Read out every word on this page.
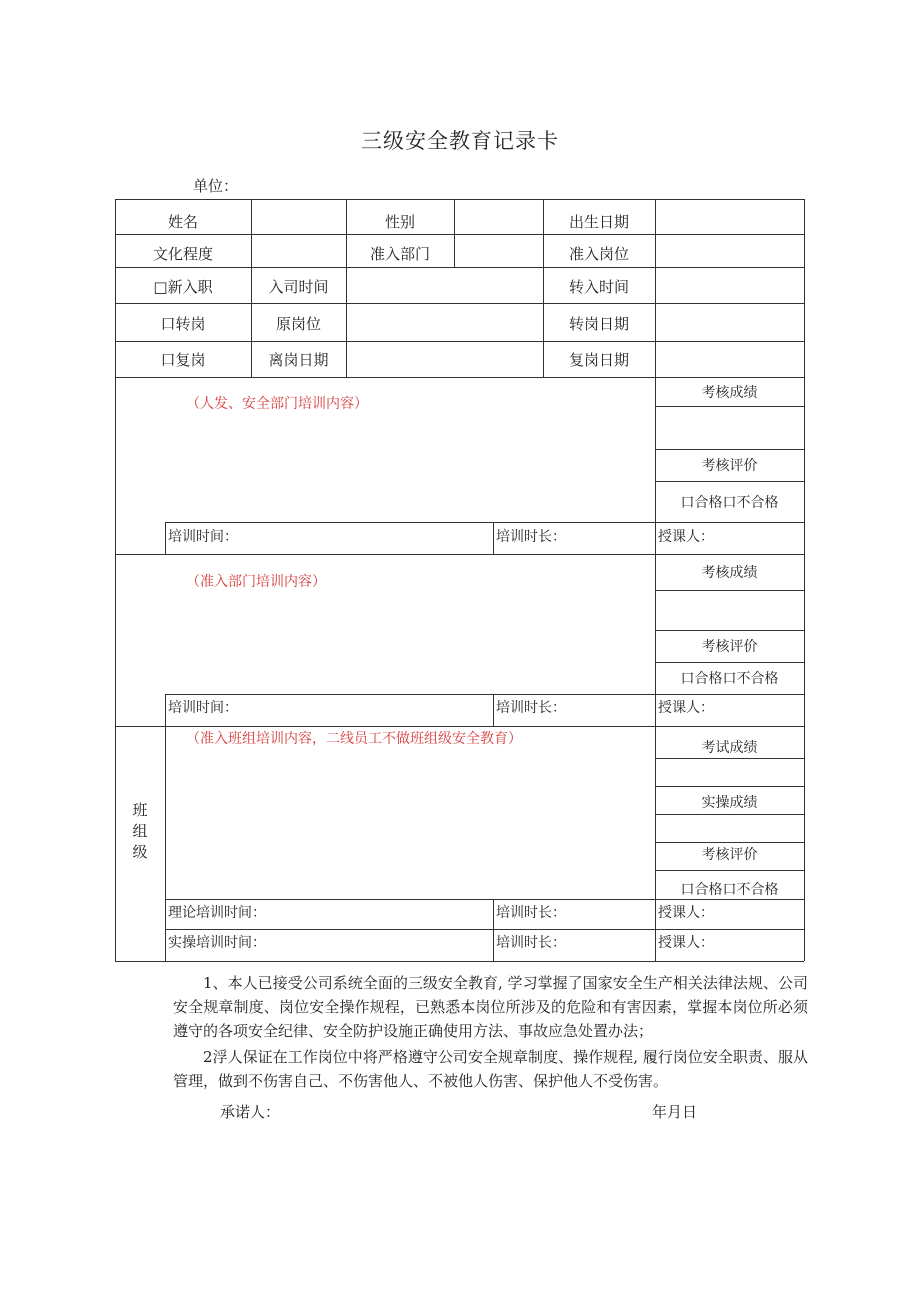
三级安全教育记录卡
单位：
姓名	性别	出生日期
文化程度	准入部门	准入岗位
□新入职	入司时间	转入时间
口转岗	原岗位	转岗日期
口复岗	离岗日期	复岗日期
（人发、安全部门培训内容）
考核成绩
考核评价
口合格口不合格
培训时间：	培训时长：	授课人：
（准入部门培训内容）
考核成绩
考核评价
口合格口不合格
培训时间：	培训时长：	授课人：
班
组
级
（准入班组培训内容，二线员工不做班组级安全教育）
考试成绩
实操成绩
考核评价
口合格口不合格
理论培训时间：	培训时长：	授课人：
实操培训时间：	培训时长：	授课人：
1、本人已接受公司系统全面的三级安全教育, 学习掌握了国家安全生产相关法律法规、公司安全规章制度、岗位安全操作规程，已熟悉本岗位所涉及的危险和有害因素，掌握本岗位所必须遵守的各项安全纪律、安全防护设施正确使用方法、事故应急处置办法；
2浮人保证在工作岗位中将严格遵守公司安全规章制度、操作规程, 履行岗位安全职责、服从管理，做到不伤害自己、不伤害他人、不被他人伤害、保护他人不受伤害。
承诺人：	年月日
